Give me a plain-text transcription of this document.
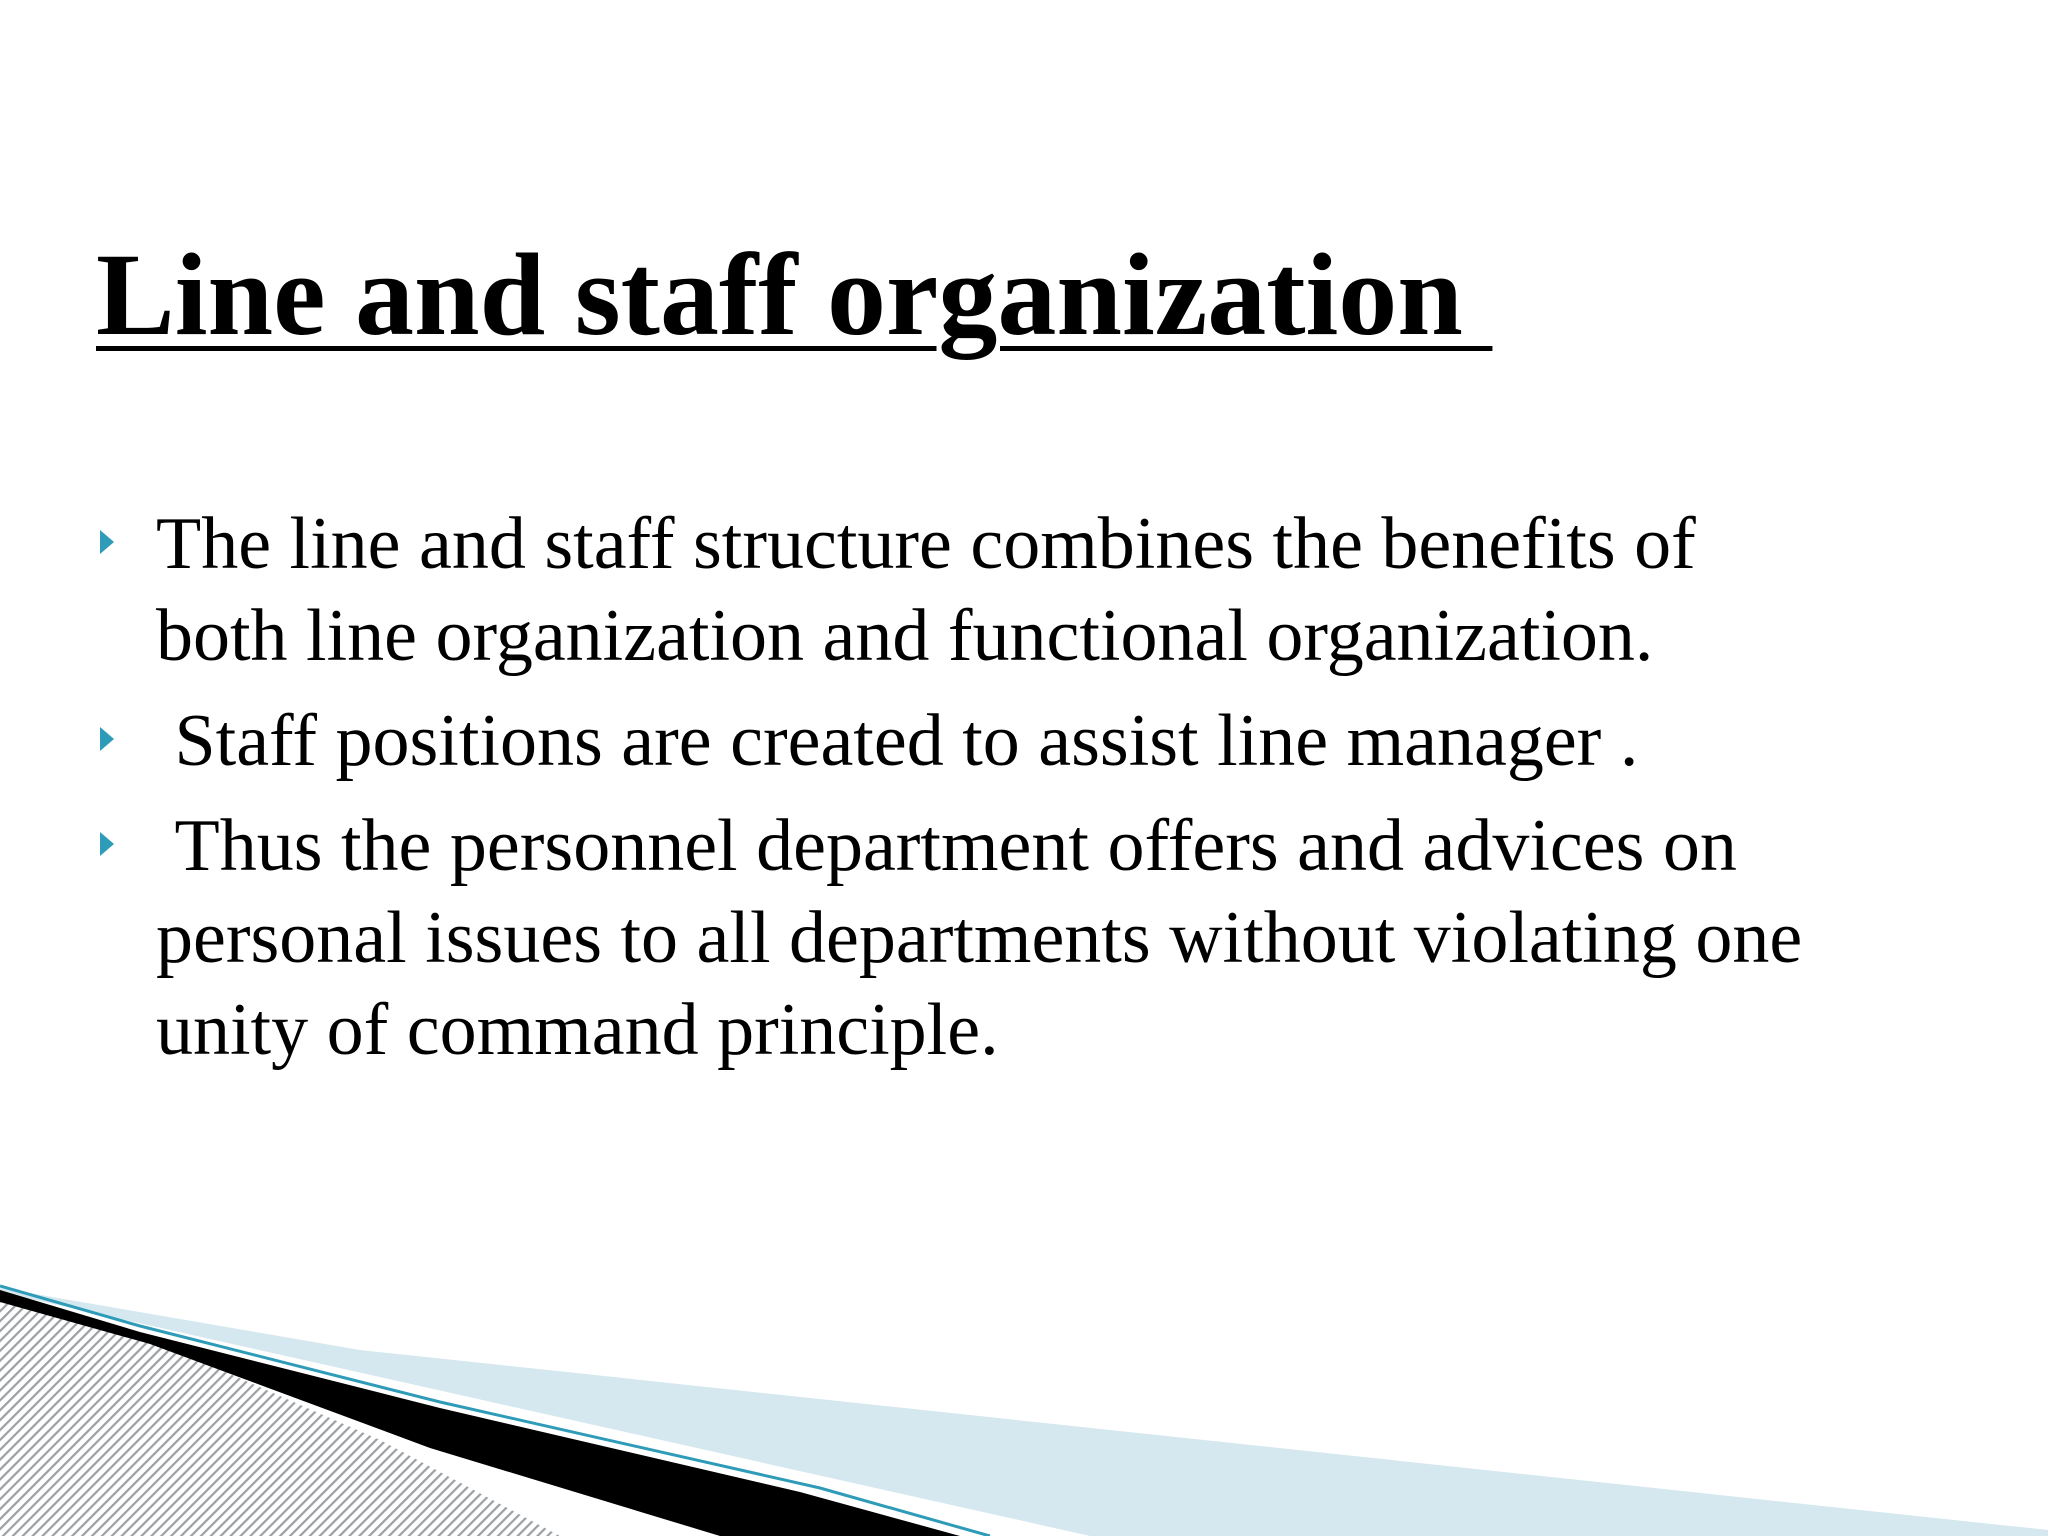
Line and staff organization
The line and staff structure combines the benefits of
both line organization and functional organization.
Staff positions are created to assist line manager .
Thus the personnel department offers and advices on
personal issues to all departments without violating one
unity of command principle.
